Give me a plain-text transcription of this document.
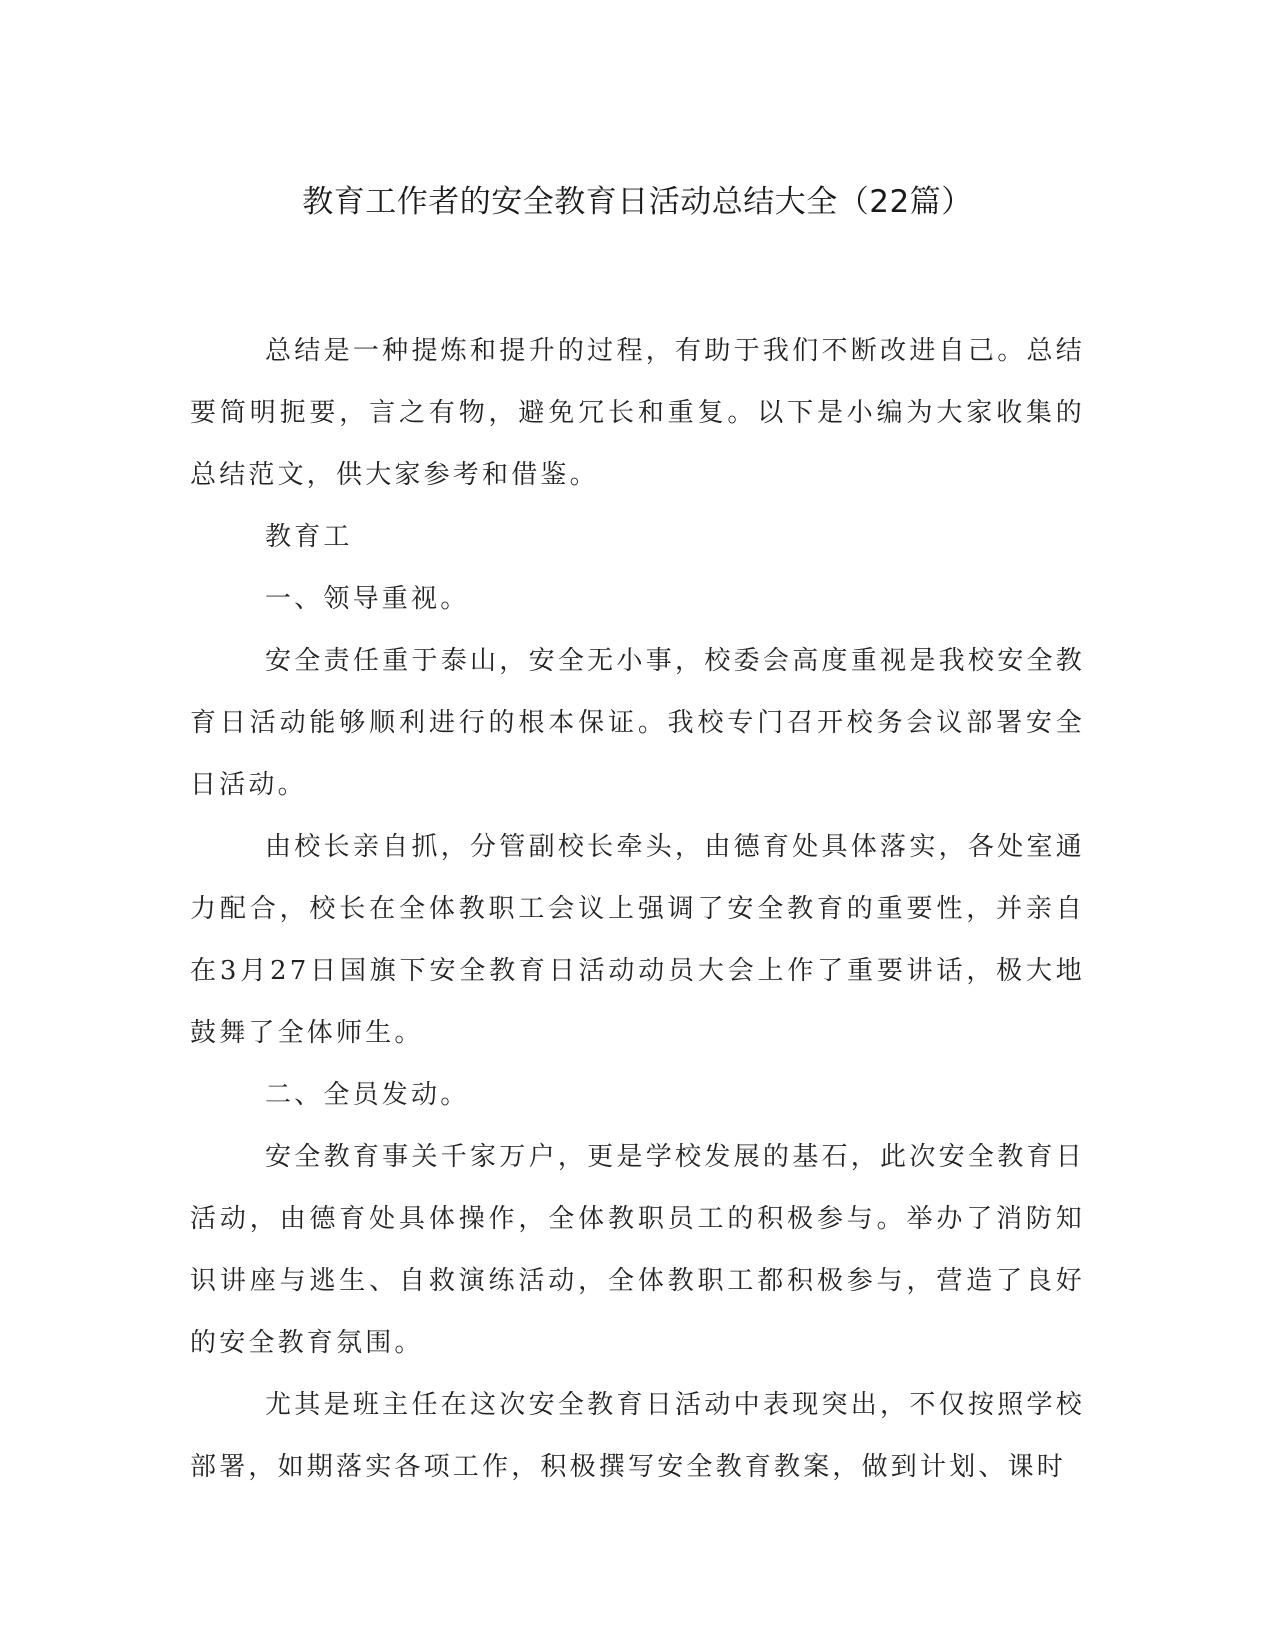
教育工作者的安全教育日活动总结大全（22篇）

总结是一种提炼和提升的过程，有助于我们不断改进自己。总结要简明扼要，言之有物，避免冗长和重复。以下是小编为大家收集的总结范文，供大家参考和借鉴。

教育工

一、领导重视。

安全责任重于泰山，安全无小事，校委会高度重视是我校安全教育日活动能够顺利进行的根本保证。我校专门召开校务会议部署安全日活动。

由校长亲自抓，分管副校长牵头，由德育处具体落实，各处室通力配合，校长在全体教职工会议上强调了安全教育的重要性，并亲自在3月27日国旗下安全教育日活动动员大会上作了重要讲话，极大地鼓舞了全体师生。

二、全员发动。

安全教育事关千家万户，更是学校发展的基石，此次安全教育日活动，由德育处具体操作，全体教职员工的积极参与。举办了消防知识讲座与逃生、自救演练活动，全体教职工都积极参与，营造了良好的安全教育氛围。

尤其是班主任在这次安全教育日活动中表现突出，不仅按照学校部署，如期落实各项工作，积极撰写安全教育教案，做到计划、课时
